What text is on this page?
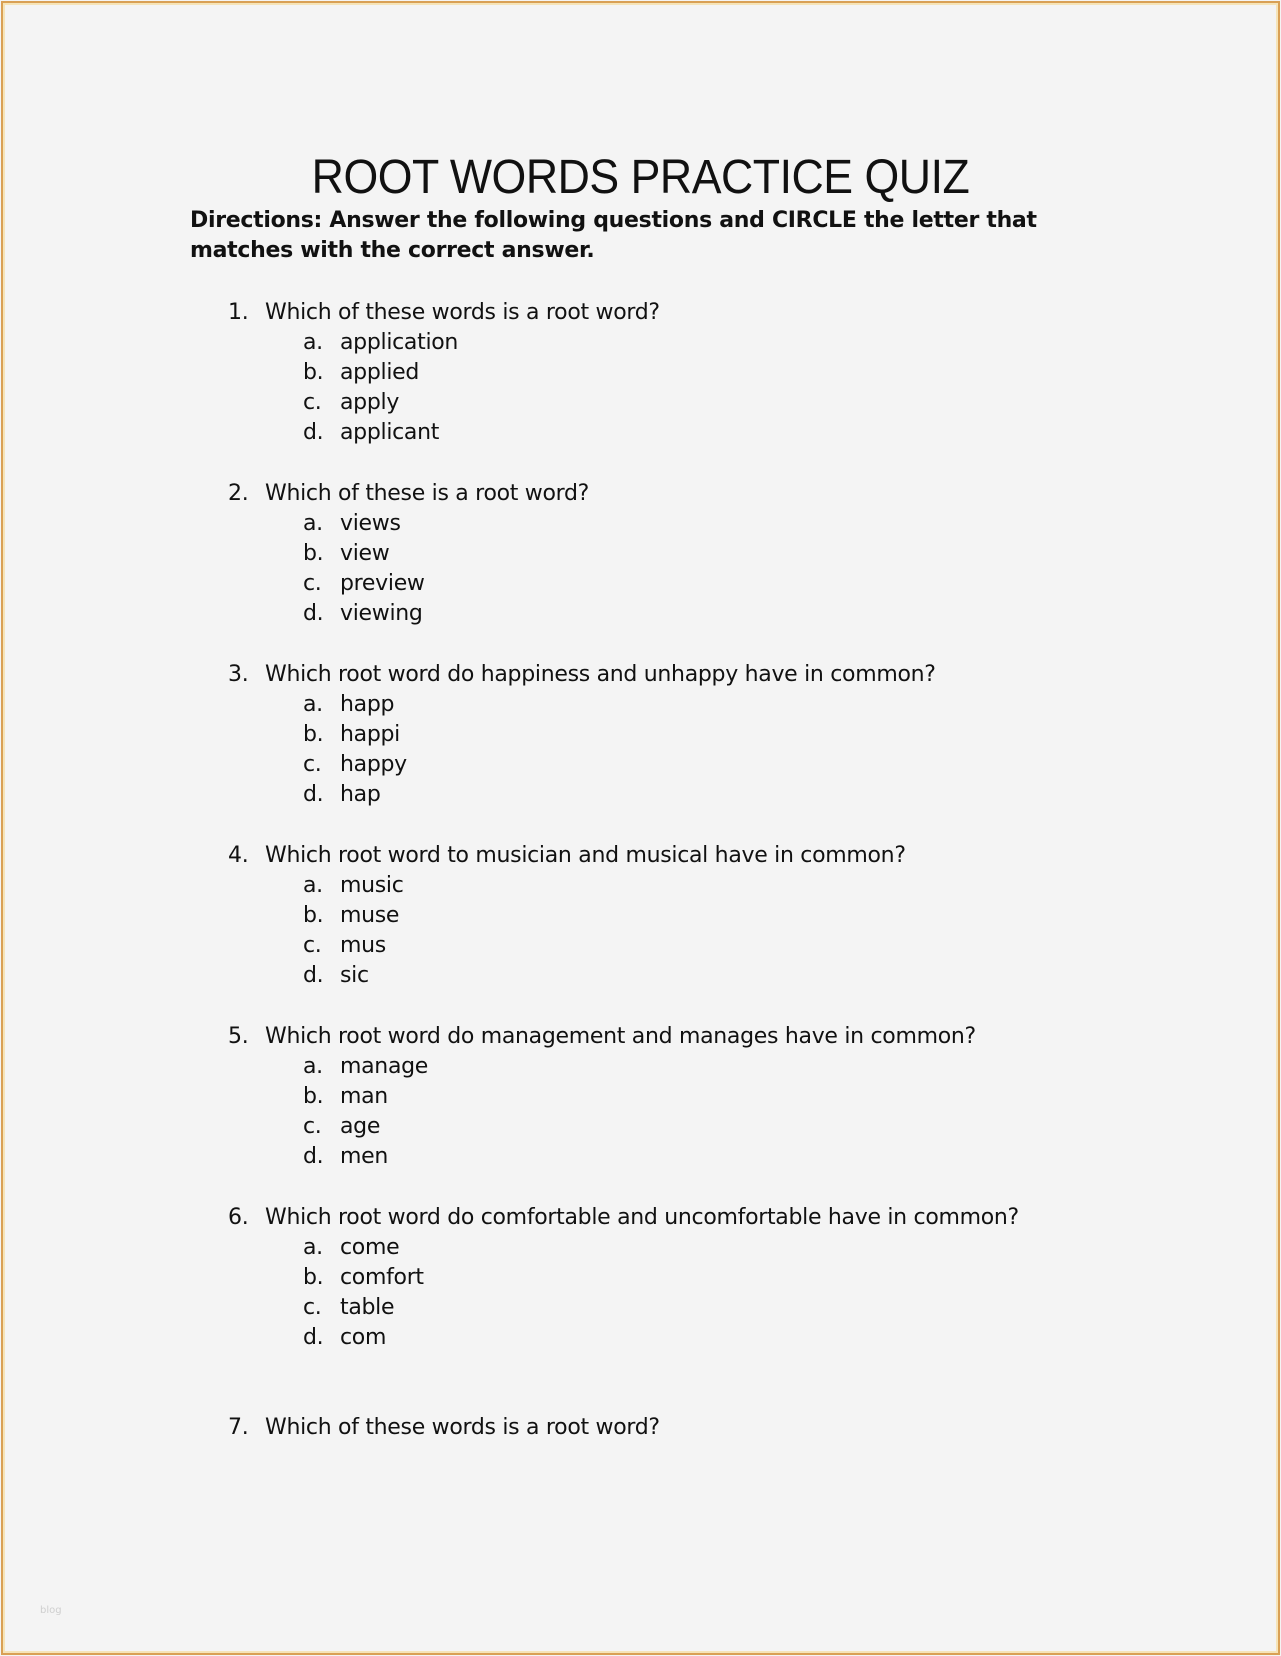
ROOT WORDS PRACTICE QUIZ
Directions: Answer the following questions and CIRCLE the letter that matches with the correct answer.
1. Which of these words is a root word?
a. application
b. applied
c. apply
d. applicant
2. Which of these is a root word?
a. views
b. view
c. preview
d. viewing
3. Which root word do happiness and unhappy have in common?
a. happ
b. happi
c. happy
d. hap
4. Which root word to musician and musical have in common?
a. music
b. muse
c. mus
d. sic
5. Which root word do management and manages have in common?
a. manage
b. man
c. age
d. men
6. Which root word do comfortable and uncomfortable have in common?
a. come
b. comfort
c. table
d. com
7. Which of these words is a root word?
blog
